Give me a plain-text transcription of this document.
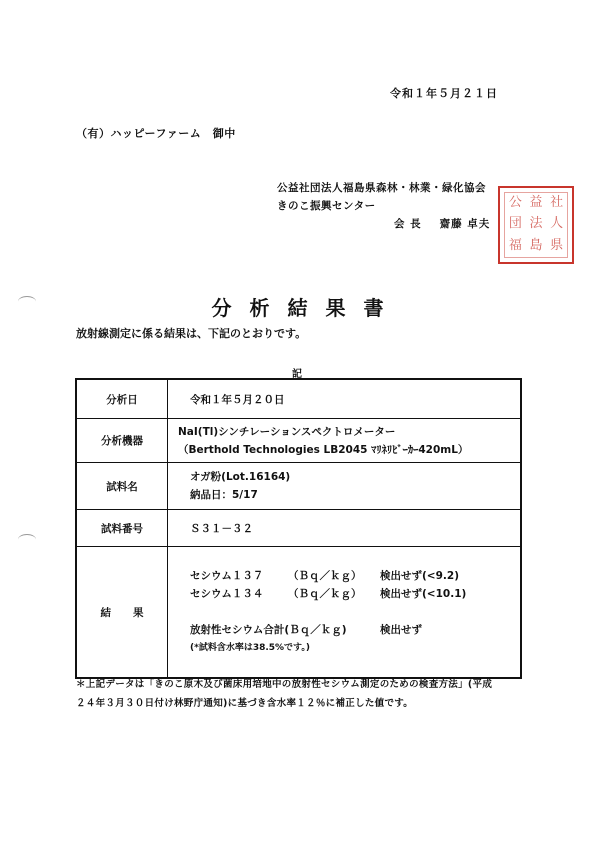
令和１年５月２１日
（有）ハッピーファーム　御中
公益社団法人福島県森林・林業・緑化協会
きのこ振興センター
会 長 齋藤 卓夫
公 益 社
団 法 人
福 島 県
分析結果書
放射線測定に係る結果は、下記のとおりです。
記
分析日	令和１年５月２０日
分析機器	NaI(Tl)シンチレーションスペクトロメーター
（Berthold Technologies LB2045 ﾏﾘﾈﾘﾋﾞｰｶｰ420mL）

試料名	オガ粉(Lot.16164)
納品日：5/17

試料番号	Ｓ３１－３２
結果	セシウム１３７ （Ｂｑ／ｋｇ） 検出せず(<9.2)
セシウム１３４ （Ｂｑ／ｋｇ） 検出せず(<10.1)
放射性セシウム合計(Ｂｑ／ｋｇ) 検出せず
(*試料含水率は38.5%です。)
＊上記データは「きのこ原木及び菌床用培地中の放射性セシウム測定のための検査方法」(平成
２４年３月３０日付け林野庁通知)に基づき含水率１２％に補正した値です。
